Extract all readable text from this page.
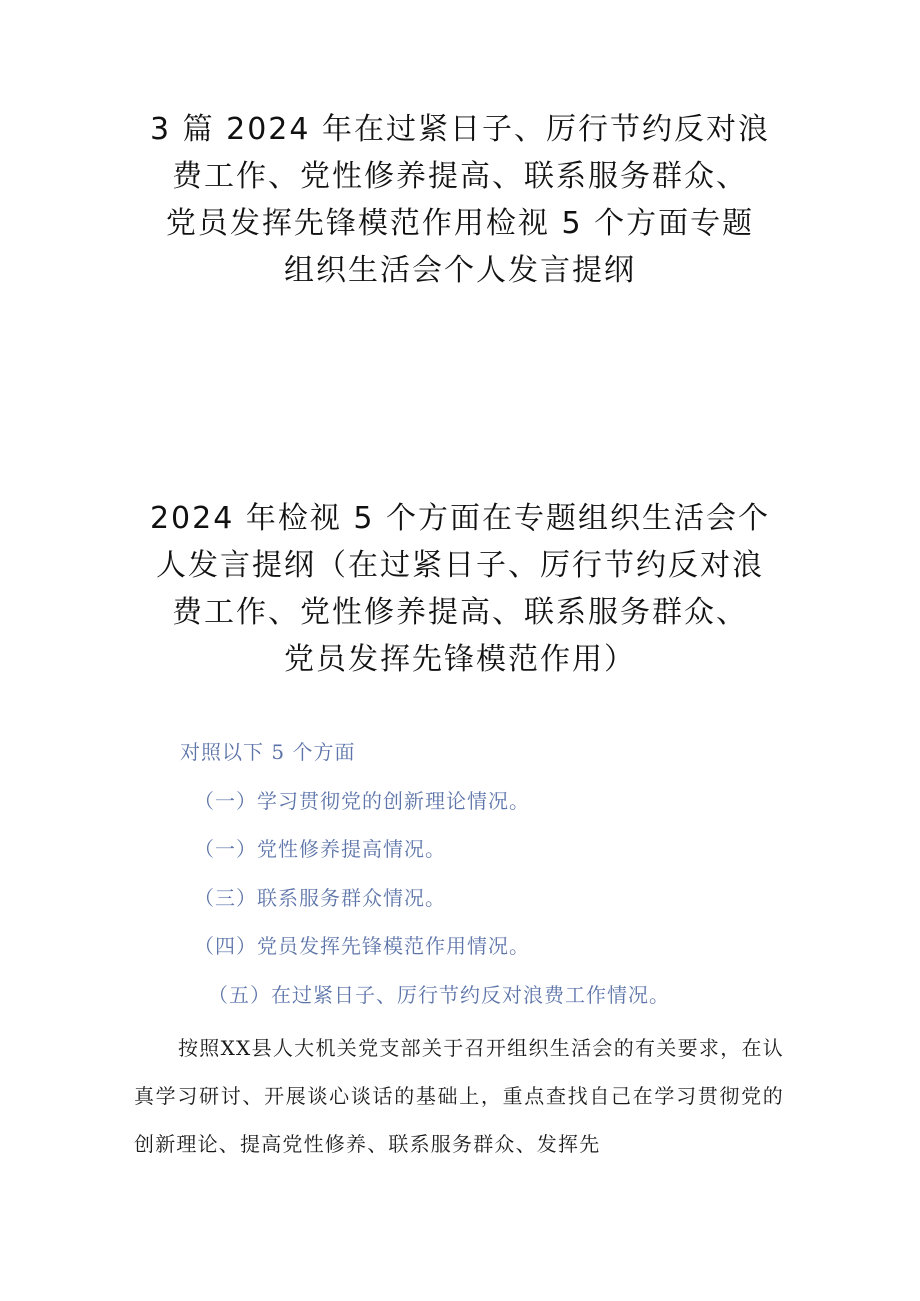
3 篇 2024 年在过紧日子、厉行节约反对浪
费工作、党性修养提高、联系服务群众、
党员发挥先锋模范作用检视 5 个方面专题
组织生活会个人发言提纲
2024 年检视 5 个方面在专题组织生活会个
人发言提纲（在过紧日子、厉行节约反对浪
费工作、党性修养提高、联系服务群众、
党员发挥先锋模范作用）

对照以下 5 个方面

（一）学习贯彻党的创新理论情况。

（一）党性修养提高情况。

（三）联系服务群众情况。

（四）党员发挥先锋模范作用情况。

（五）在过紧日子、厉行节约反对浪费工作情况。

按照XX县人大机关党支部关于召开组织生活会的有关要求，在认真学习研讨、开展谈心谈话的基础上，重点查找自己在学习贯彻党的创新理论、提高党性修养、联系服务群众、发挥先
